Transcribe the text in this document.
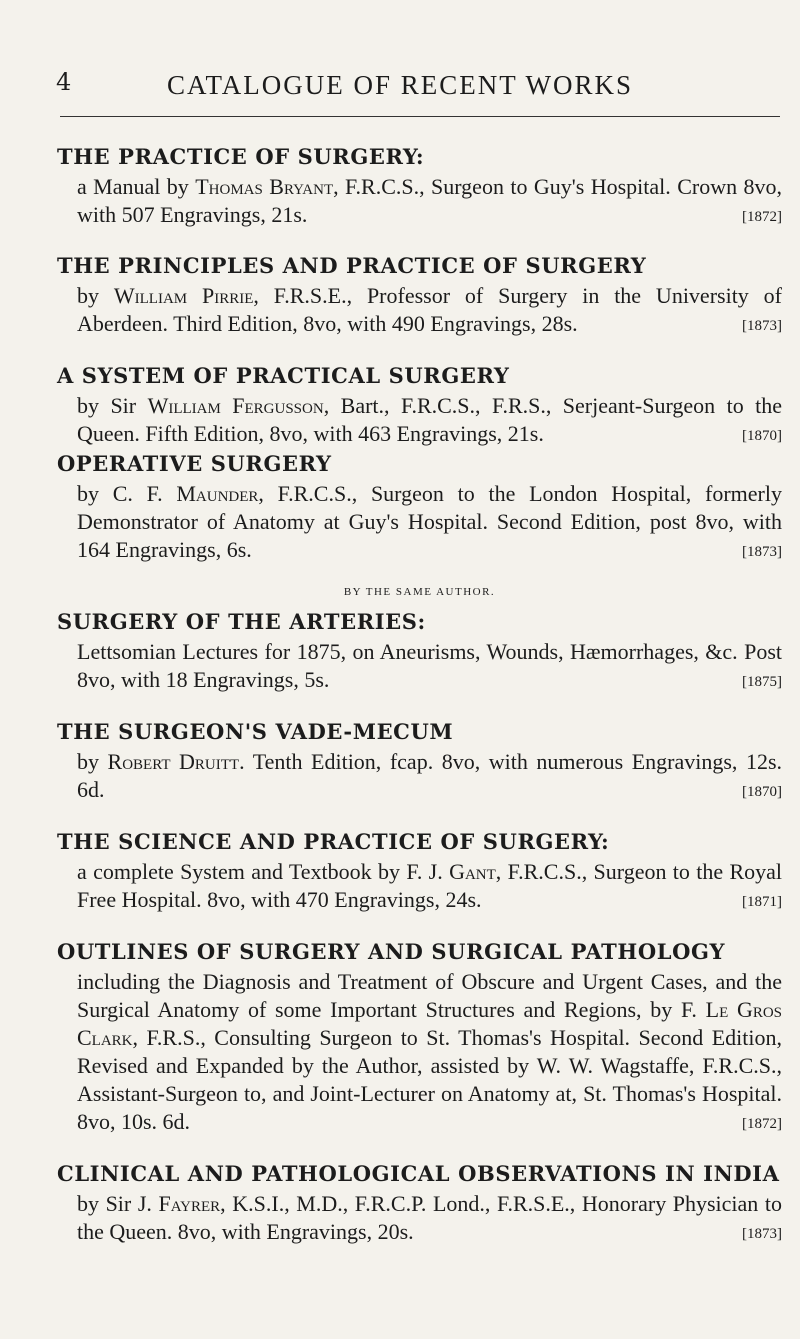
4	CATALOGUE OF RECENT WORKS
THE PRACTICE OF SURGERY:
a Manual by Thomas Bryant, F.R.C.S., Surgeon to Guy's Hospital. Crown 8vo, with 507 Engravings, 21s.	[1872]
THE PRINCIPLES AND PRACTICE OF SURGERY
by William Pirrie, F.R.S.E., Professor of Surgery in the University of Aberdeen. Third Edition, 8vo, with 490 Engravings, 28s.	[1873]
A SYSTEM OF PRACTICAL SURGERY
by Sir William Fergusson, Bart., F.R.C.S., F.R.S., Serjeant-Surgeon to the Queen. Fifth Edition, 8vo, with 463 Engravings, 21s.	[1870]
OPERATIVE SURGERY
by C. F. Maunder, F.R.C.S., Surgeon to the London Hospital, formerly Demonstrator of Anatomy at Guy's Hospital. Second Edition, post 8vo, with 164 Engravings, 6s.	[1873]
BY THE SAME AUTHOR.
SURGERY OF THE ARTERIES:
Lettsomian Lectures for 1875, on Aneurisms, Wounds, Hæmorrhages, &c. Post 8vo, with 18 Engravings, 5s.	[1875]
THE SURGEON'S VADE-MECUM
by Robert Druitt. Tenth Edition, fcap. 8vo, with numerous Engravings, 12s. 6d.	[1870]
THE SCIENCE AND PRACTICE OF SURGERY:
a complete System and Textbook by F. J. Gant, F.R.C.S., Surgeon to the Royal Free Hospital. 8vo, with 470 Engravings, 24s.	[1871]
OUTLINES OF SURGERY AND SURGICAL PATHOLOGY
including the Diagnosis and Treatment of Obscure and Urgent Cases, and the Surgical Anatomy of some Important Structures and Regions, by F. Le Gros Clark, F.R.S., Consulting Surgeon to St. Thomas's Hospital. Second Edition, Revised and Expanded by the Author, assisted by W. W. Wagstaffe, F.R.C.S., Assistant-Surgeon to, and Joint-Lecturer on Anatomy at, St. Thomas's Hospital. 8vo, 10s. 6d.	[1872]
CLINICAL AND PATHOLOGICAL OBSERVATIONS IN INDIA
by Sir J. Fayrer, K.S.I., M.D., F.R.C.P. Lond., F.R.S.E., Honorary Physician to the Queen. 8vo, with Engravings, 20s.	[1873]
